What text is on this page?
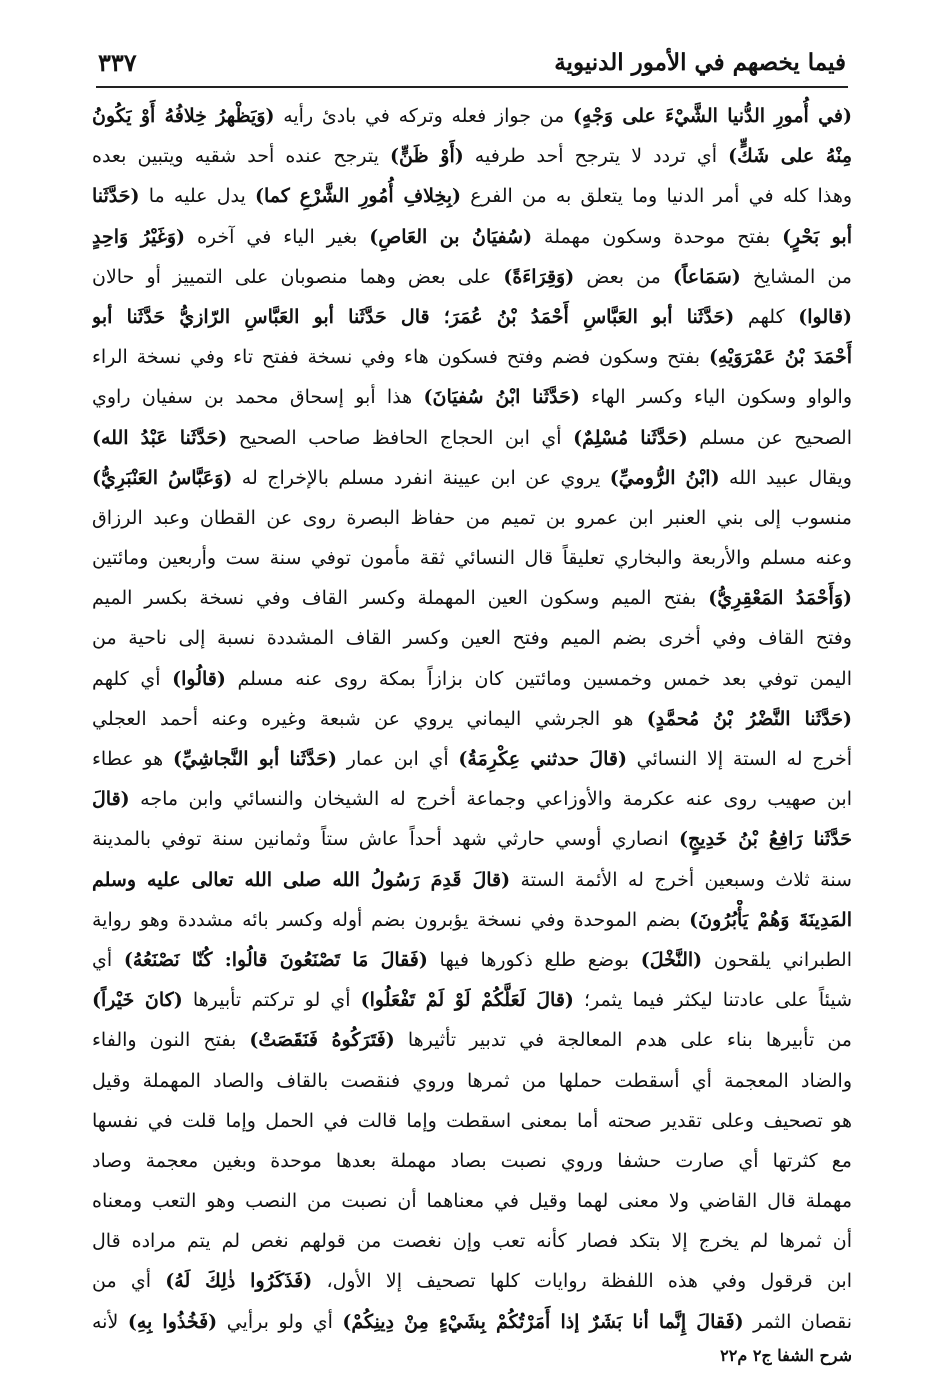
فيما يخصهم في الأمور الدنيوية
٣٣٧
(في أُمورِ الدُّنيا الشَّيْءَ على وَجْهٍ) من جواز فعله وتركه في بادئ رأيه (وَيَظْهرُ خِلافُهُ أَوْ يَكُونُ
مِنْهُ على شَكٍّ) أي تردد لا يترجح أحد طرفيه (أَوْ ظَنٍّ) يترجح عنده أحد شقيه ويتبين بعده
وهذا كله في أمر الدنيا وما يتعلق به من الفرع (بِخِلافِ أُمُورِ الشَّرْعِ كما) يدل عليه ما (حَدَّثَنا
أبو بَحْرٍ) بفتح موحدة وسكون مهملة (سُفيَانُ بن العَاصِ) بغير الياء في آخره (وَغَيْرُ وَاحِدٍ
من المشايخ (سَمَاعاً) من بعض (وَقِرَاءَةً) على بعض وهما منصوبان على التمييز أو حالان
(قالوا) كلهم (حَدَّثَنا أبو العَبَّاسِ أَحْمَدُ بْنُ عُمَرَ؛ قال حَدَّثَنا أبو العَبَّاسِ الرّازيُّ حَدَّثَنا أبو
أَحْمَدَ بْنُ عَمْرَوَيْهِ) بفتح وسكون فضم وفتح فسكون هاء وفي نسخة ففتح تاء وفي نسخة الراء
والواو وسكون الياء وكسر الهاء (حَدَّثَنا ابْنُ سُفيَانَ) هذا أبو إسحاق محمد بن سفيان راوي
الصحيح عن مسلم (حَدَّثَنا مُسْلِمٌ) أي ابن الحجاج الحافظ صاحب الصحيح (حَدَّثَنا عَبْدُ الله)
ويقال عبيد الله (ابْنُ الرُّوميِّ) يروي عن ابن عيينة انفرد مسلم بالإخراج له (وَعَبَّاسُ العَنْبَرِيُّ)
منسوب إلى بني العنبر ابن عمرو بن تميم من حفاظ البصرة روى عن القطان وعبد الرزاق
وعنه مسلم والأربعة والبخاري تعليقاً قال النسائي ثقة مأمون توفي سنة ست وأربعين ومائتين
(وَأَحْمَدُ المَعْقِرِيُّ) بفتح الميم وسكون العين المهملة وكسر القاف وفي نسخة بكسر الميم
وفتح القاف وفي أخرى بضم الميم وفتح العين وكسر القاف المشددة نسبة إلى ناحية من
اليمن توفي بعد خمس وخمسين ومائتين كان بزازاً بمكة روى عنه مسلم (قالُوا) أي كلهم
(حَدَّثَنا النَّضْرُ بْنُ مُحمَّدٍ) هو الجرشي اليماني يروي عن شبعة وغيره وعنه أحمد العجلي
أخرج له الستة إلا النسائي (قالَ حدثني عِكْرِمَةُ) أي ابن عمار (حَدَّثَنا أبو النَّجاشِيِّ) هو عطاء
ابن صهيب روى عنه عكرمة والأوزاعي وجماعة أخرج له الشيخان والنسائي وابن ماجه (قالَ
حَدَّثَنا رَافِعُ بْنُ خَدِيجٍ) انصاري أوسي حارثي شهد أحداً عاش ستاً وثمانين سنة توفي بالمدينة
سنة ثلاث وسبعين أخرج له الأئمة الستة (قالَ قَدِمَ رَسُولُ الله صلى الله تعالى عليه وسلم
المَدِينَةَ وَهُمْ يَأْبُرُونَ) بضم الموحدة وفي نسخة يؤبرون بضم أوله وكسر بائه مشددة وهو رواية
الطبراني يلقحون (النَّخْلَ) بوضع طلع ذكورها فيها (فَقالَ مَا تَصْنَعُونَ قالُوا: كُنّا نَصْنَعُهُ) أي
شيئاً على عادتنا ليكثر فيما يثمر؛ (قالَ لَعَلَّكُمْ لَوْ لَمْ تَفْعَلُوا) أي لو تركتم تأبيرها (كانَ خَيْراً)
من تأبيرها بناء على هدم المعالجة في تدبير تأثيرها (فَتَرَكُوهُ فَنَقَصَتْ) بفتح النون والفاء
والضاد المعجمة أي أسقطت حملها من ثمرها وروي فنقصت بالقاف والصاد المهملة وقيل
هو تصحيف وعلى تقدير صحته أما بمعنى اسقطت وإما قالت في الحمل وإما قلت في نفسها
مع كثرتها أي صارت حشفا وروي نصبت بصاد مهملة بعدها موحدة وبغين معجمة وصاد
مهملة قال القاضي ولا معنى لهما وقيل في معناهما أن نصبت من النصب وهو التعب ومعناه
أن ثمرها لم يخرج إلا بتكد فصار كأنه تعب وإن نغصت من قولهم نغص لم يتم مراده قال
ابن قرقول وفي هذه اللفظة روايات كلها تصحيف إلا الأول، (فَذَكَرُوا ذٰلِكَ لَهُ) أي من
نقصان الثمر (فَقالَ إِنَّما أنا بَشَرٌ إذا أَمَرْتُكُمْ بِشَيْءٍ مِنْ دِينِكُمْ) أي ولو برأيي (فَخُذُوا بِهِ) لأنه
شرح الشفا ج٢ م٢٢
